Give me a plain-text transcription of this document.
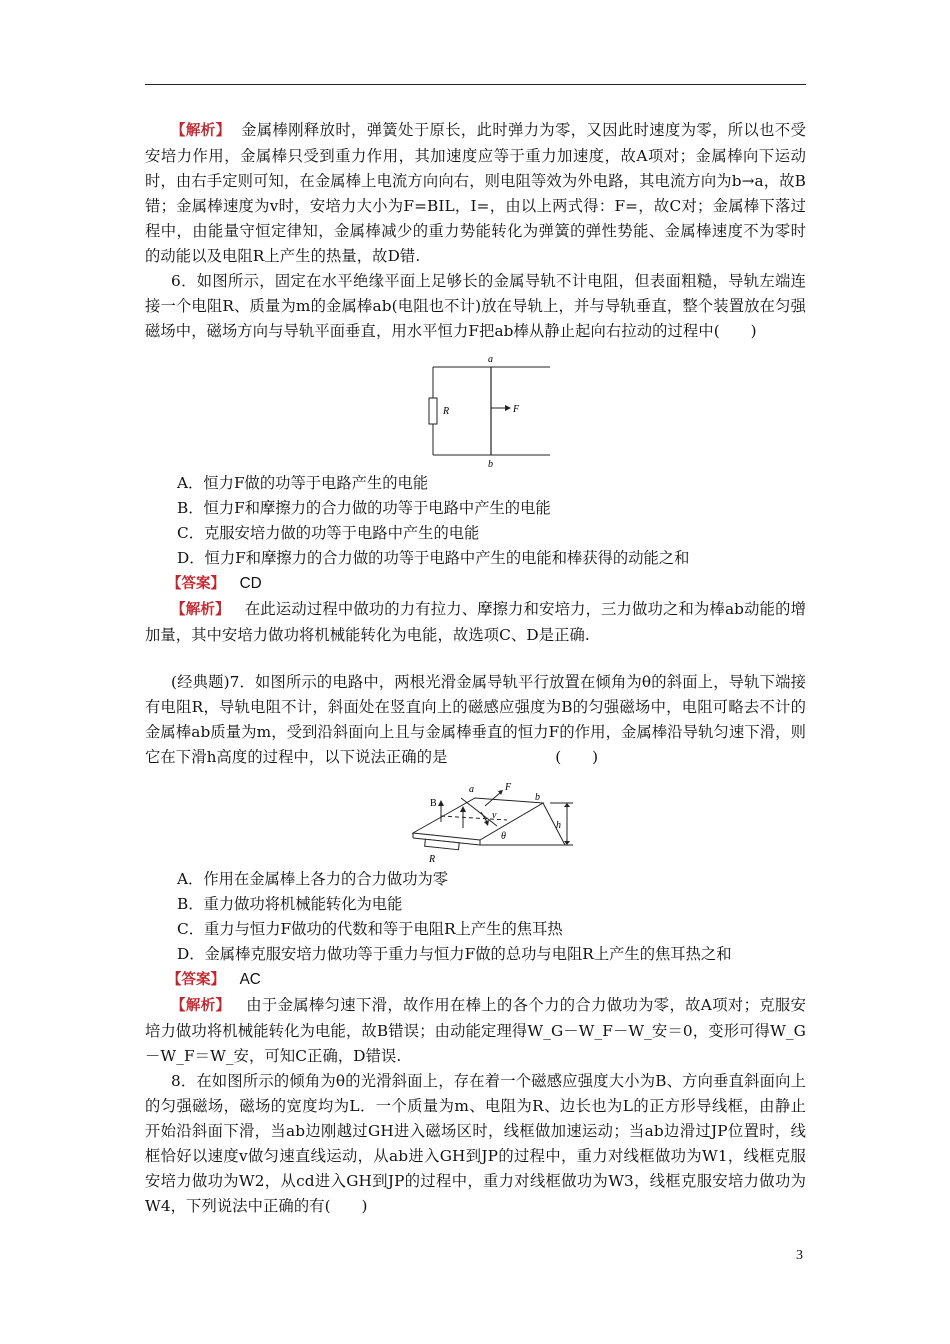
【解析】 金属棒刚释放时，弹簧处于原长，此时弹力为零，又因此时速度为零，所以也不受安培力作用，金属棒只受到重力作用，其加速度应等于重力加速度，故A项对；金属棒向下运动时，由右手定则可知，在金属棒上电流方向向右，则电阻等效为外电路，其电流方向为b→a，故B错；金属棒速度为v时，安培力大小为F=BIL，I=，由以上两式得：F=，故C对；金属棒下落过程中，由能量守恒定律知，金属棒减少的重力势能转化为弹簧的弹性势能、金属棒速度不为零时的动能以及电阻R上产生的热量，故D错.

6．如图所示，固定在水平绝缘平面上足够长的金属导轨不计电阻，但表面粗糙，导轨左端连接一个电阻R、质量为m的金属棒ab(电阻也不计)放在导轨上，并与导轨垂直，整个装置放在匀强磁场中，磁场方向与导轨平面垂直，用水平恒力F把ab棒从静止起向右拉动的过程中(　　)

a
b
R	F

A．恒力F做的功等于电路产生的电能

B．恒力F和摩擦力的合力做的功等于电路中产生的电能

C．克服安培力做的功等于电路中产生的电能

D．恒力F和摩擦力的合力做的功等于电路中产生的电能和棒获得的动能之和

【答案】 CD

【解析】 在此运动过程中做功的力有拉力、摩擦力和安培力，三力做功之和为棒ab动能的增加量，其中安培力做功将机械能转化为电能，故选项C、D是正确.

(经典题)7．如图所示的电路中，两根光滑金属导轨平行放置在倾角为θ的斜面上，导轨下端接有电阻R，导轨电阻不计，斜面处在竖直向上的磁感应强度为B的匀强磁场中，电阻可略去不计的金属棒ab质量为m，受到沿斜面向上且与金属棒垂直的恒力F的作用，金属棒沿导轨匀速下滑，则它在下滑h高度的过程中，以下说法正确的是　　　　　　　(　　)

a
b
B
F
v
h
θ
R

A．作用在金属棒上各力的合力做功为零

B．重力做功将机械能转化为电能

C．重力与恒力F做功的代数和等于电阻R上产生的焦耳热

D．金属棒克服安培力做功等于重力与恒力F做的总功与电阻R上产生的焦耳热之和

【答案】 AC

【解析】 由于金属棒匀速下滑，故作用在棒上的各个力的合力做功为零，故A项对；克服安培力做功将机械能转化为电能，故B错误；由动能定理得W_G－W_F－W_安＝0，变形可得W_G－W_F＝W_安，可知C正确，D错误.

8．在如图所示的倾角为θ的光滑斜面上，存在着一个磁感应强度大小为B、方向垂直斜面向上的匀强磁场，磁场的宽度均为L．一个质量为m、电阻为R、边长也为L的正方形导线框，由静止开始沿斜面下滑，当ab边刚越过GH进入磁场区时，线框做加速运动；当ab边滑过JP位置时，线框恰好以速度v做匀速直线运动，从ab进入GH到JP的过程中，重力对线框做功为W1，线框克服安培力做功为W2，从cd进入GH到JP的过程中，重力对线框做功为W3，线框克服安培力做功为W4，下列说法中正确的有(　　)

3
